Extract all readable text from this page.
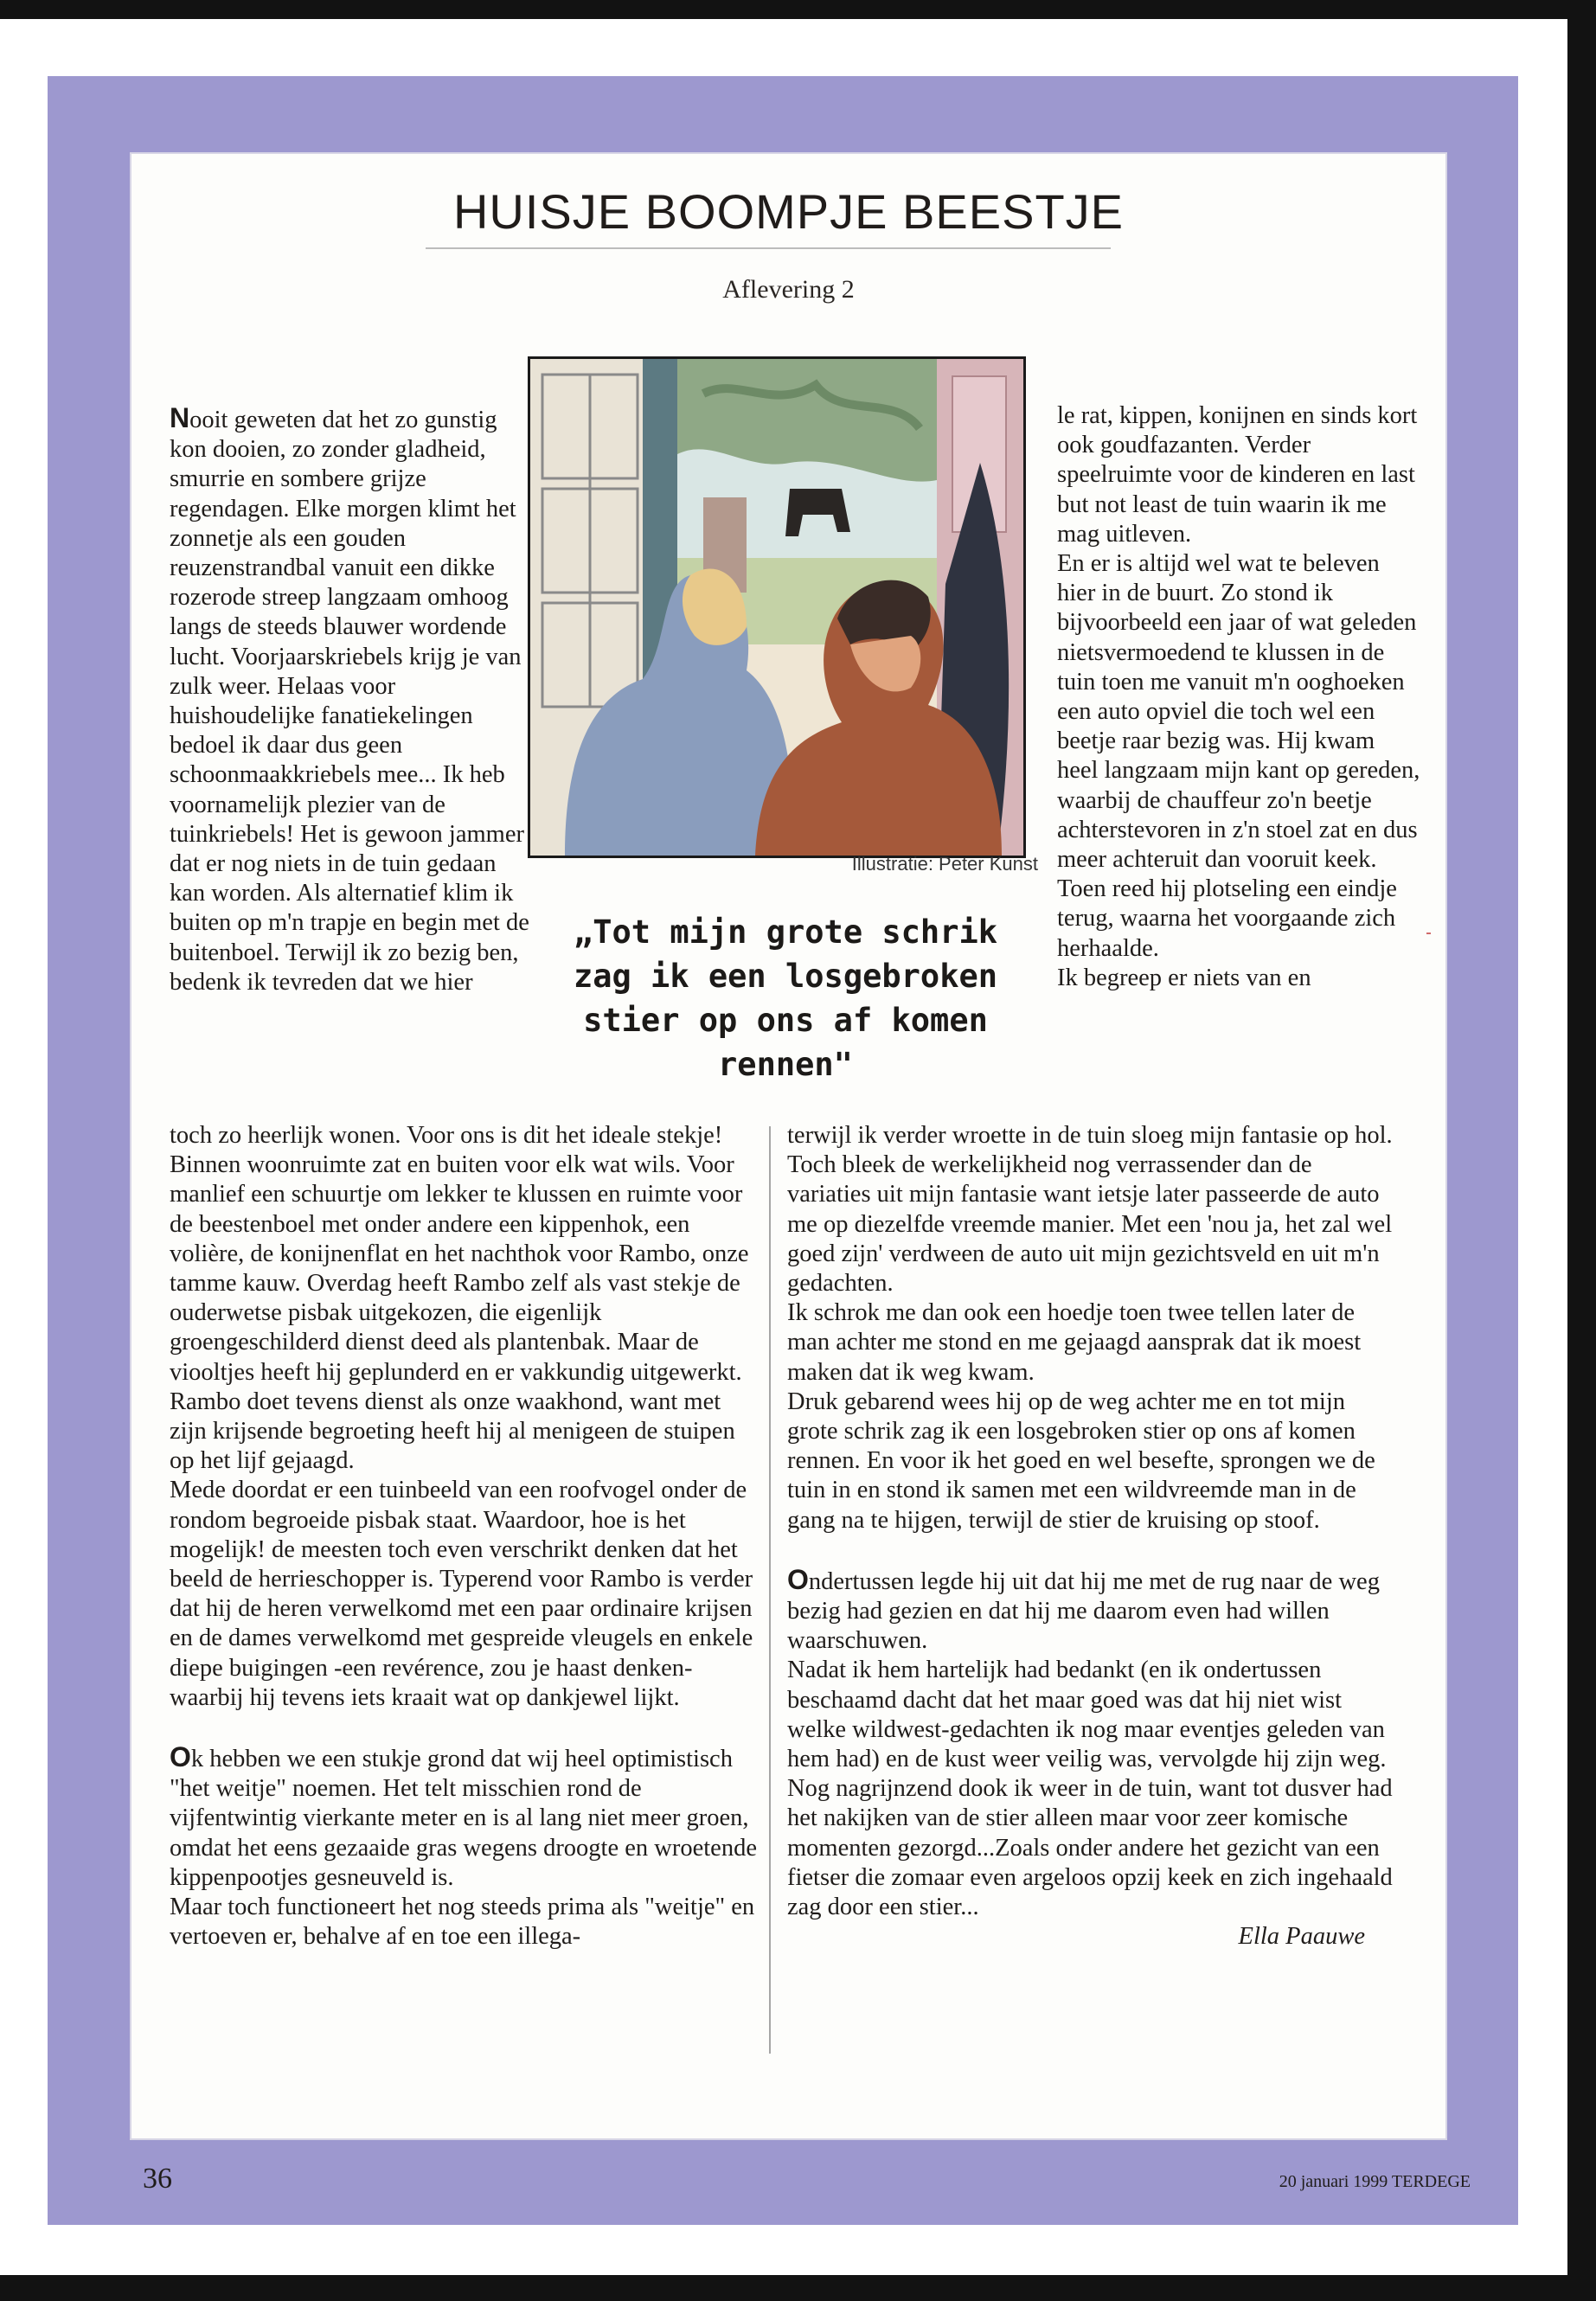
HUISJE BOOMPJE BEESTJE
Aflevering 2

Nooit geweten dat het zo gunstig kon dooien, zo zonder gladheid, smurrie en sombere grijze regendagen. Elke morgen klimt het zonnetje als een gouden reuzenstrandbal vanuit een dikke rozerode streep langzaam omhoog langs de steeds blauwer wordende lucht. Voorjaarskriebels krijg je van zulk weer. Helaas voor huishoudelijke fanatiekelingen bedoel ik daar dus geen schoonmaakkriebels mee... Ik heb voornamelijk plezier van de tuinkriebels! Het is gewoon jammer dat er nog niets in de tuin gedaan kan worden. Als alternatief klim ik buiten op m'n trapje en begin met de buitenboel. Terwijl ik zo bezig ben, bedenk ik tevreden dat we hier

Illustratie: Peter Kunst

„Tot mijn grote schrik zag ik een losgebroken stier op ons af komen rennen"

le rat, kippen, konijnen en sinds kort ook goudfazanten. Verder speelruimte voor de kinderen en last but not least de tuin waarin ik me mag uitleven.

En er is altijd wel wat te beleven hier in de buurt. Zo stond ik bijvoorbeeld een jaar of wat geleden nietsvermoedend te klussen in de tuin toen me vanuit m'n ooghoeken een auto opviel die toch wel een beetje raar bezig was. Hij kwam heel langzaam mijn kant op gereden, waarbij de chauffeur zo'n beetje achterstevoren in z'n stoel zat en dus meer achteruit dan vooruit keek.

Toen reed hij plotseling een eindje terug, waarna het voorgaande zich herhaalde.

Ik begreep er niets van en

toch zo heerlijk wonen. Voor ons is dit het ideale stekje! Binnen woonruimte zat en buiten voor elk wat wils. Voor manlief een schuurtje om lekker te klussen en ruimte voor de beestenboel met onder andere een kippenhok, een volière, de konijnenflat en het nachthok voor Rambo, onze tamme kauw. Overdag heeft Rambo zelf als vast stekje de ouderwetse pisbak uitgekozen, die eigenlijk groengeschilderd dienst deed als plantenbak. Maar de viooltjes heeft hij geplunderd en er vakkundig uitgewerkt. Rambo doet tevens dienst als onze waakhond, want met zijn krijsende begroeting heeft hij al menigeen de stuipen op het lijf gejaagd.

Mede doordat er een tuinbeeld van een roofvogel onder de rondom begroeide pisbak staat. Waardoor, hoe is het mogelijk! de meesten toch even verschrikt denken dat het beeld de herrieschopper is. Typerend voor Rambo is verder dat hij de heren verwelkomd met een paar ordinaire krijsen en de dames verwelkomd met gespreide vleugels en enkele diepe buigingen -een revérence, zou je haast denken- waarbij hij tevens iets kraait wat op dankjewel lijkt.

Ok hebben we een stukje grond dat wij heel optimistisch "het weitje" noemen. Het telt misschien rond de vijfentwintig vierkante meter en is al lang niet meer groen, omdat het eens gezaaide gras wegens droogte en wroetende kippenpootjes gesneuveld is.

Maar toch functioneert het nog steeds prima als "weitje" en vertoeven er, behalve af en toe een illega-

terwijl ik verder wroette in de tuin sloeg mijn fantasie op hol. Toch bleek de werkelijkheid nog verrassender dan de variaties uit mijn fantasie want ietsje later passeerde de auto me op diezelfde vreemde manier. Met een 'nou ja, het zal wel goed zijn' verdween de auto uit mijn gezichtsveld en uit m'n gedachten.

Ik schrok me dan ook een hoedje toen twee tellen later de man achter me stond en me gejaagd aansprak dat ik moest maken dat ik weg kwam.

Druk gebarend wees hij op de weg achter me en tot mijn grote schrik zag ik een losgebroken stier op ons af komen rennen. En voor ik het goed en wel besefte, sprongen we de tuin in en stond ik samen met een wildvreemde man in de gang na te hijgen, terwijl de stier de kruising op stoof.

Ondertussen legde hij uit dat hij me met de rug naar de weg bezig had gezien en dat hij me daarom even had willen waarschuwen.

Nadat ik hem hartelijk had bedankt (en ik ondertussen beschaamd dacht dat het maar goed was dat hij niet wist welke wildwest-gedachten ik nog maar eventjes geleden van hem had) en de kust weer veilig was, vervolgde hij zijn weg. Nog nagrijnzend dook ik weer in de tuin, want tot dusver had het nakijken van de stier alleen maar voor zeer komische momenten gezorgd...Zoals onder andere het gezicht van een fietser die zomaar even argeloos opzij keek en zich ingehaald zag door een stier...

Ella Paauwe

36	20 januari 1999 TERDEGE
